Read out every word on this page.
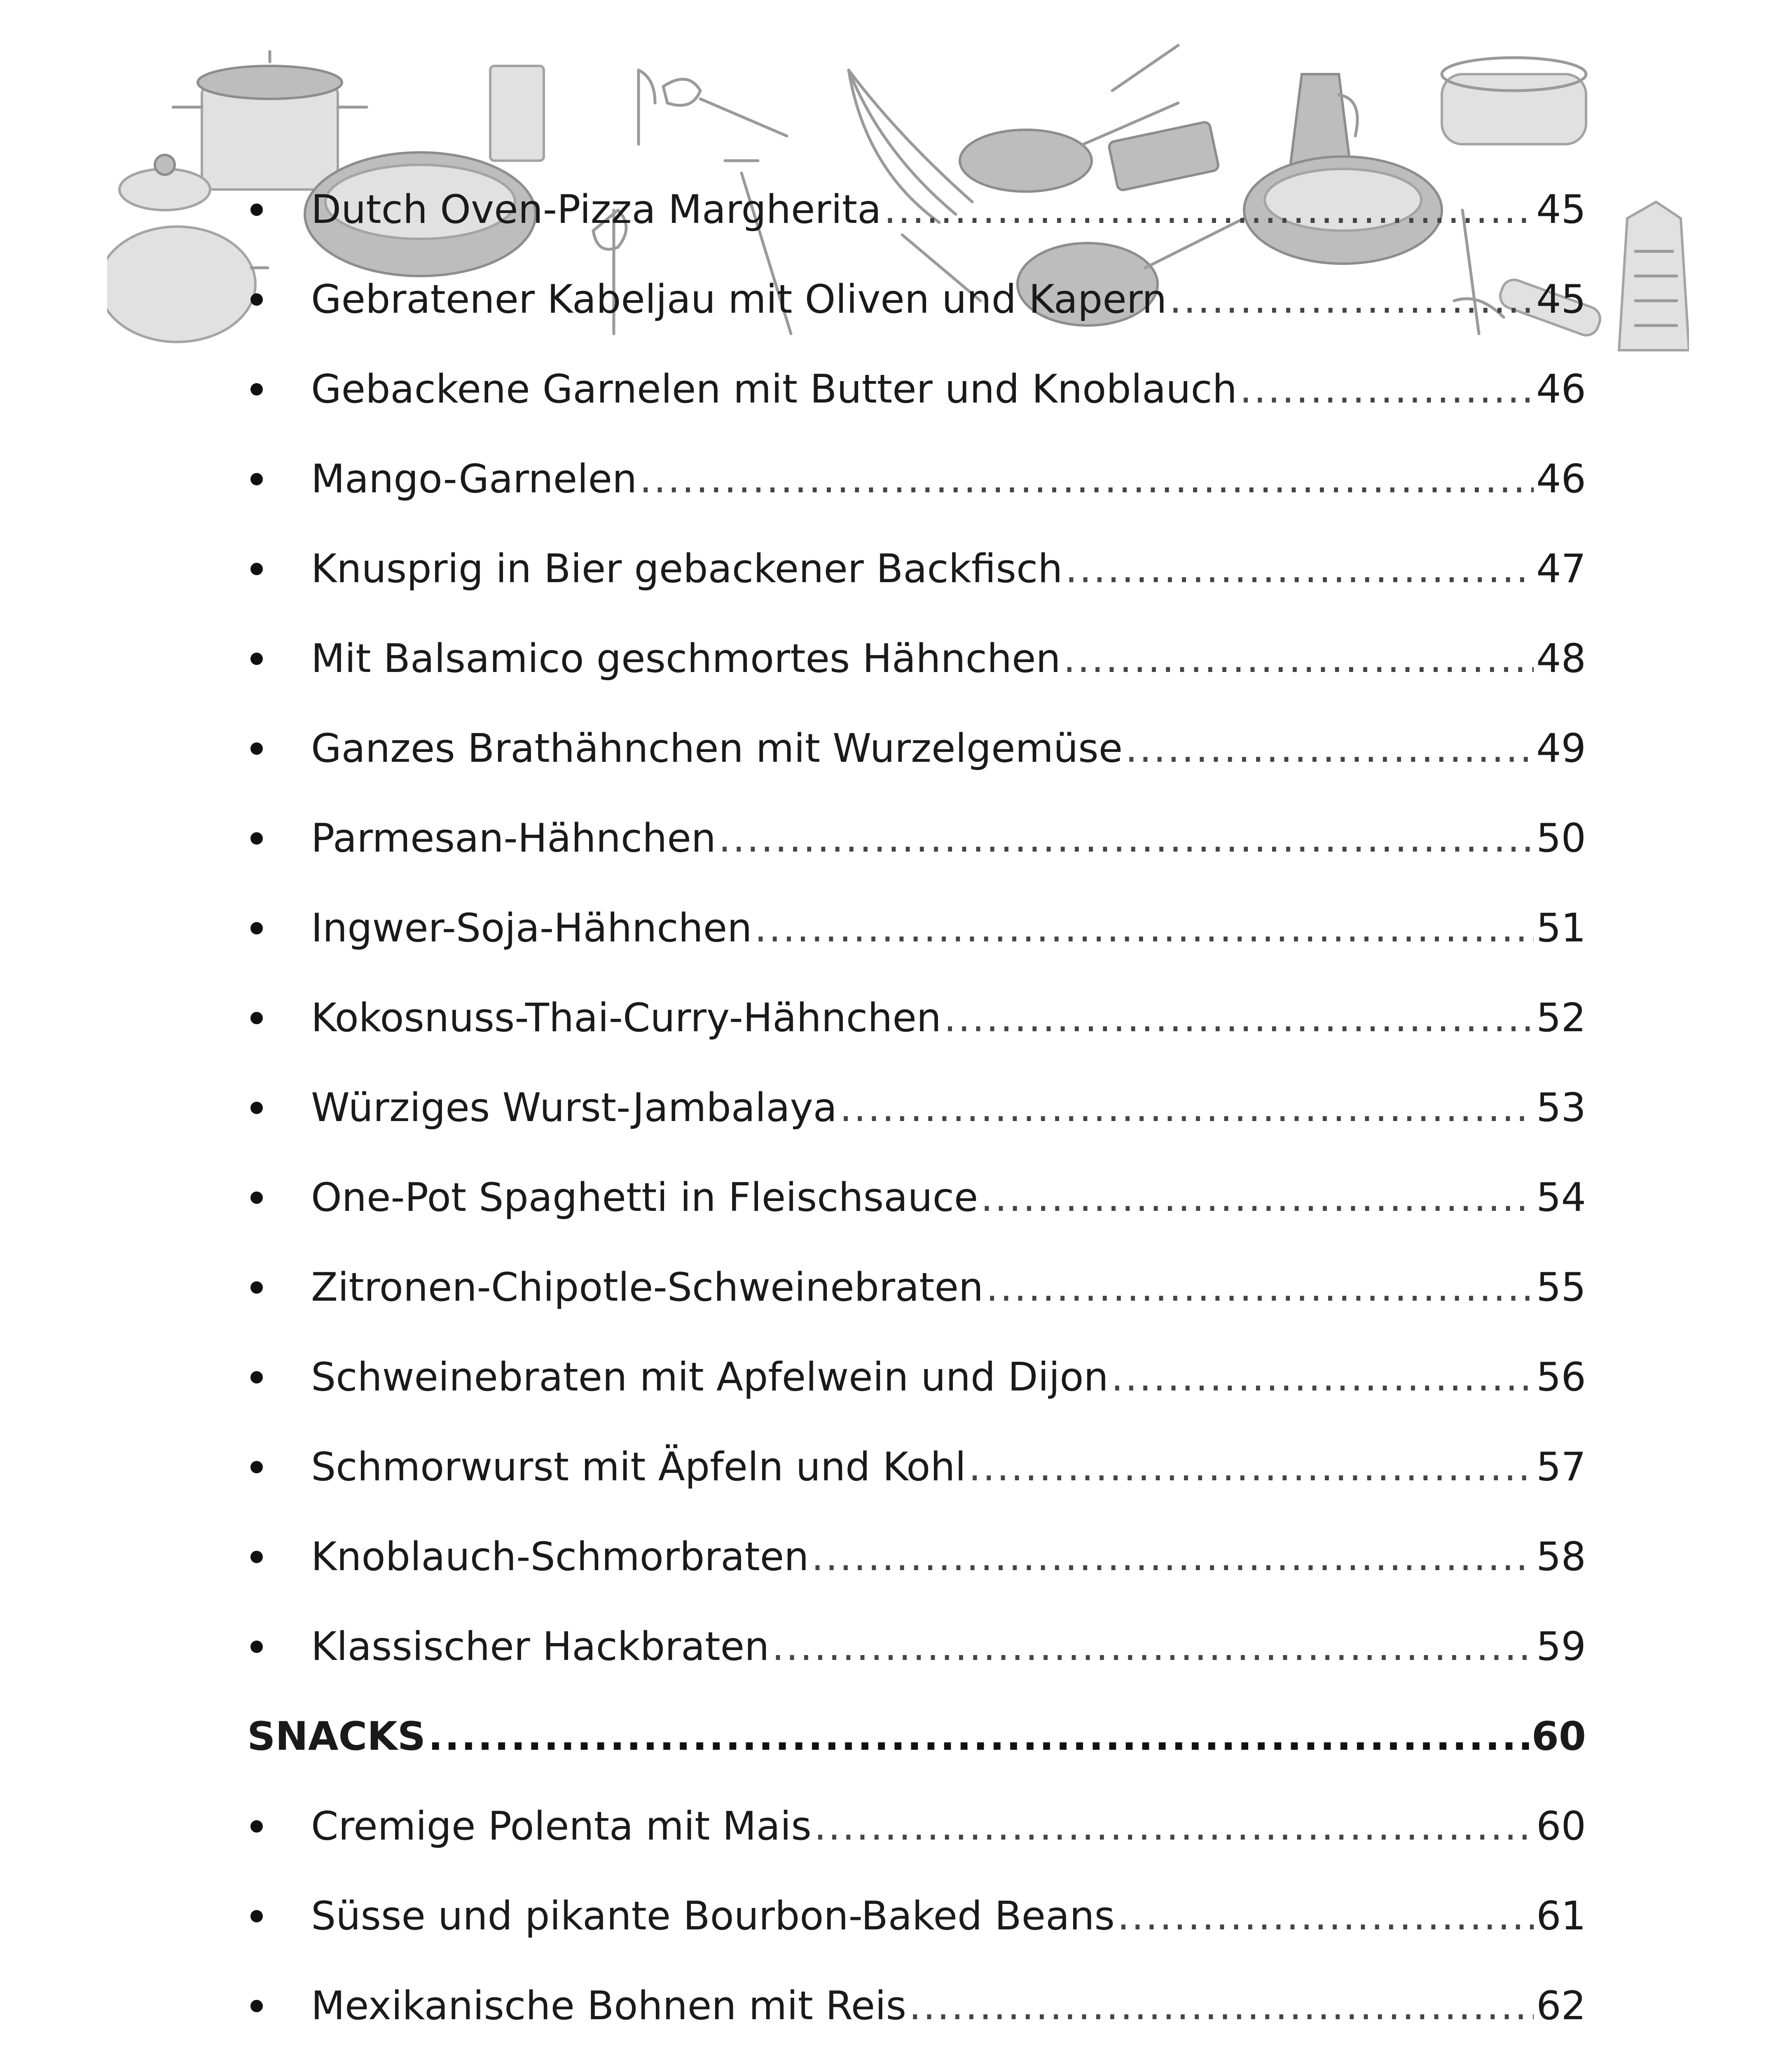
Dutch Oven-Pizza Margherita .....	45
Gebratener Kabeljau mit Oliven und Kapern .....	45
Gebackene Garnelen mit Butter und Knoblauch .....	46
Mango-Garnelen .....	46
Knusprig in Bier gebackener Backfisch .....	47
Mit Balsamico geschmortes Hähnchen .....	48
Ganzes Brathähnchen mit Wurzelgemüse .....	49
Parmesan-Hähnchen .....	50
Ingwer-Soja-Hähnchen .....	51
Kokosnuss-Thai-Curry-Hähnchen .....	52
Würziges Wurst-Jambalaya .....	53
One-Pot Spaghetti in Fleischsauce .....	54
Zitronen-Chipotle-Schweinebraten .....	55
Schweinebraten mit Apfelwein und Dijon .....	56
Schmorwurst mit Äpfeln und Kohl .....	57
Knoblauch-Schmorbraten .....	58
Klassischer Hackbraten .....	59
SNACKS .....	60
Cremige Polenta mit Mais .....	60
Süsse und pikante Bourbon-Baked Beans .....	61
Mexikanische Bohnen mit Reis .....	62
